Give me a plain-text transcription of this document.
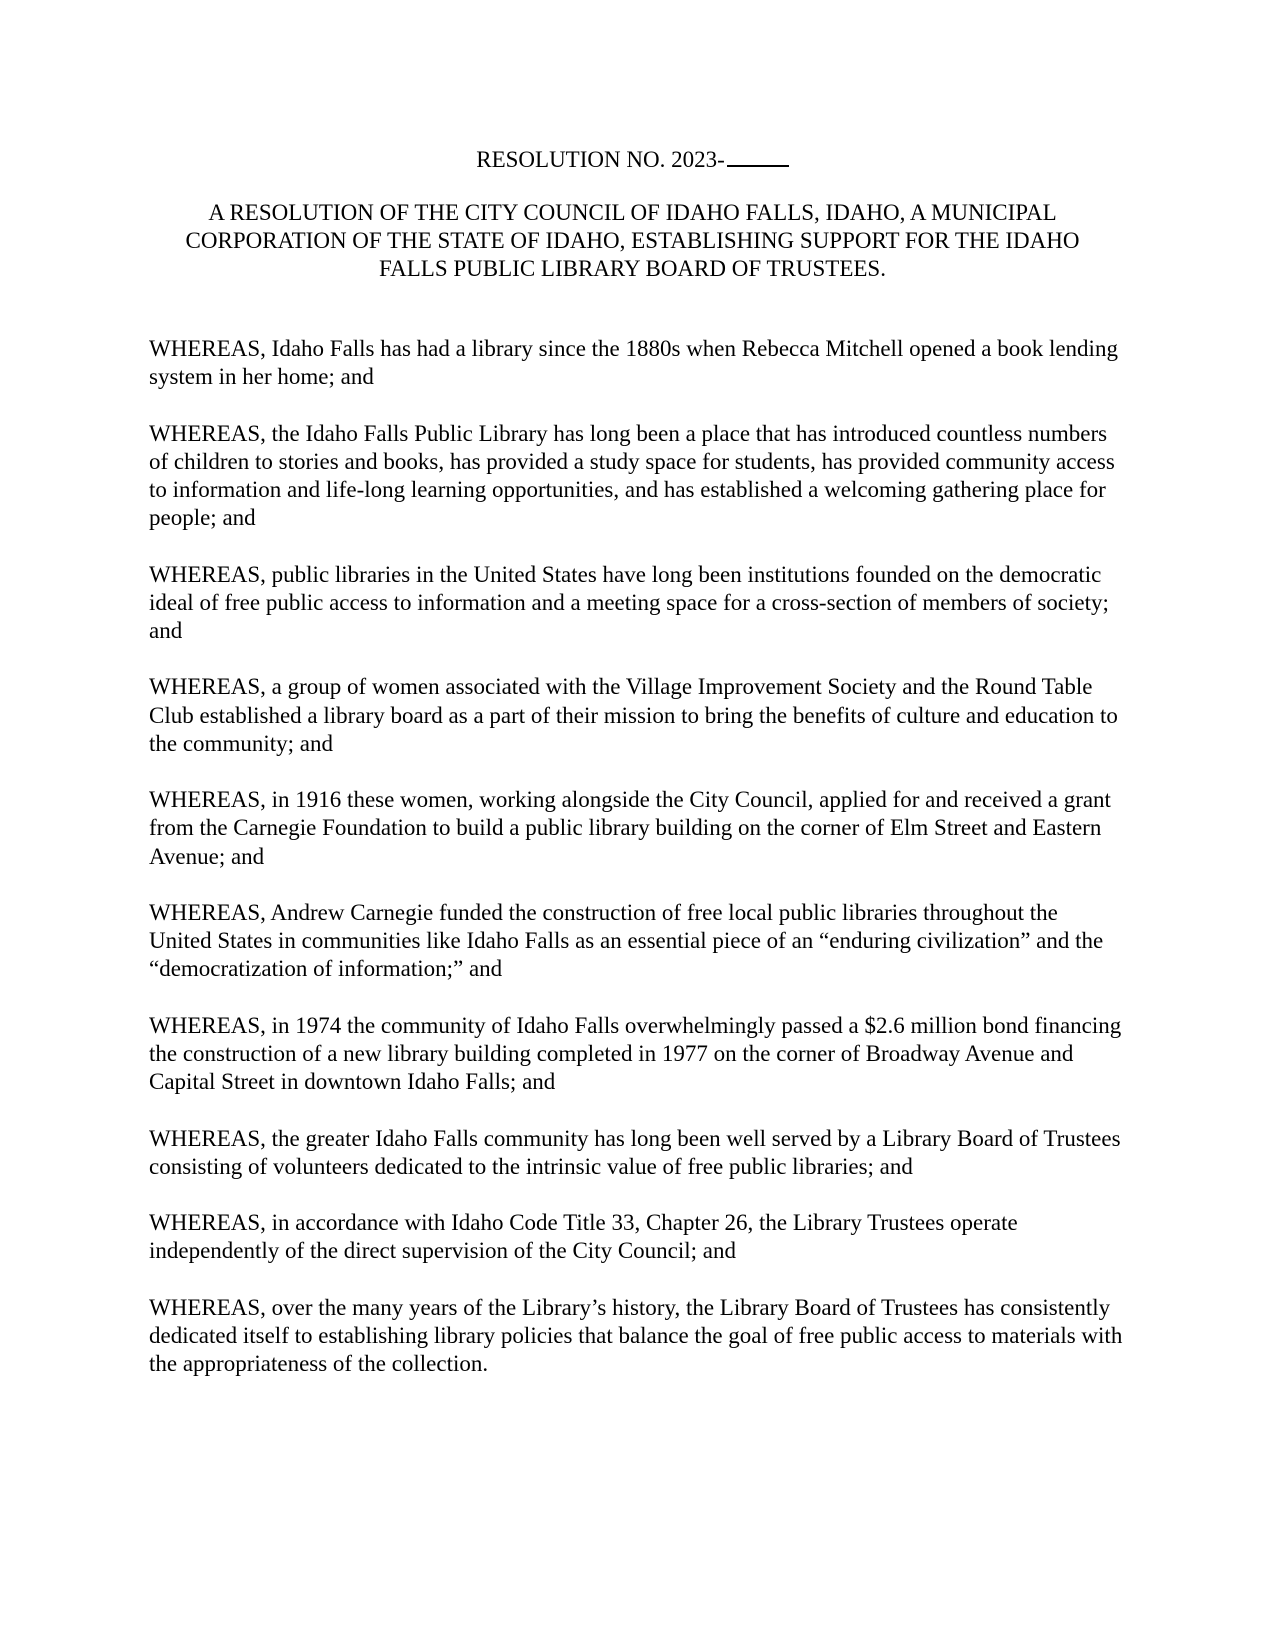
RESOLUTION NO. 2023-
A RESOLUTION OF THE CITY COUNCIL OF IDAHO FALLS, IDAHO, A MUNICIPAL CORPORATION OF THE STATE OF IDAHO, ESTABLISHING SUPPORT FOR THE IDAHO FALLS PUBLIC LIBRARY BOARD OF TRUSTEES.

WHEREAS, Idaho Falls has had a library since the 1880s when Rebecca Mitchell opened a book lending system in her home; and

WHEREAS, the Idaho Falls Public Library has long been a place that has introduced countless numbers of children to stories and books, has provided a study space for students, has provided community access to information and life-long learning opportunities, and has established a welcoming gathering place for people; and

WHEREAS, public libraries in the United States have long been institutions founded on the democratic ideal of free public access to information and a meeting space for a cross-section of members of society; and

WHEREAS, a group of women associated with the Village Improvement Society and the Round Table Club established a library board as a part of their mission to bring the benefits of culture and education to the community; and

WHEREAS, in 1916 these women, working alongside the City Council, applied for and received a grant from the Carnegie Foundation to build a public library building on the corner of Elm Street and Eastern Avenue; and

WHEREAS, Andrew Carnegie funded the construction of free local public libraries throughout the United States in communities like Idaho Falls as an essential piece of an “enduring civilization” and the “democratization of information;” and

WHEREAS, in 1974 the community of Idaho Falls overwhelmingly passed a $2.6 million bond financing the construction of a new library building completed in 1977 on the corner of Broadway Avenue and Capital Street in downtown Idaho Falls; and

WHEREAS, the greater Idaho Falls community has long been well served by a Library Board of Trustees consisting of volunteers dedicated to the intrinsic value of free public libraries; and

WHEREAS, in accordance with Idaho Code Title 33, Chapter 26, the Library Trustees operate independently of the direct supervision of the City Council; and

WHEREAS, over the many years of the Library’s history, the Library Board of Trustees has consistently dedicated itself to establishing library policies that balance the goal of free public access to materials with the appropriateness of the collection.
